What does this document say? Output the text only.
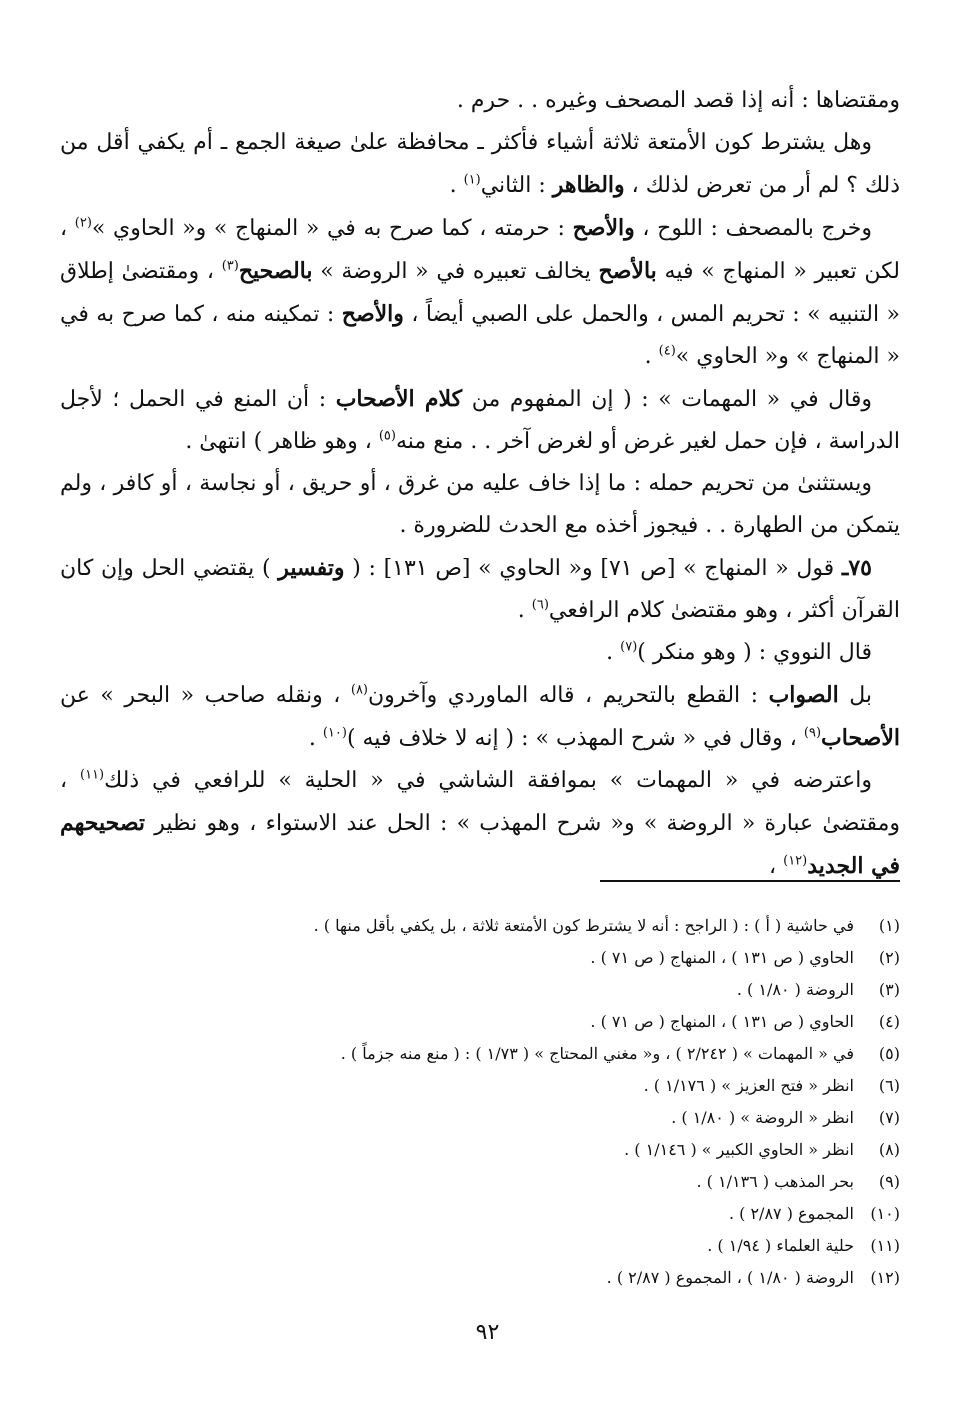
ومقتضاها : أنه إذا قصد المصحف وغيره . . حرم .

وهل يشترط كون الأمتعة ثلاثة أشياء فأكثر ـ محافظة علىٰ صيغة الجمع ـ أم يكفي أقل من ذلك ؟ لم أر من تعرض لذلك ، والظاهر : الثاني$^{(١)}$ .

وخرج بالمصحف : اللوح ، والأصح : حرمته ، كما صرح به في « المنهاج » و« الحاوي »$^{(٢)}$ ، لكن تعبير « المنهاج » فيه بالأصح يخالف تعبيره في « الروضة » بالصحيح$^{(٣)}$ ، ومقتضىٰ إطلاق « التنبيه » : تحريم المس ، والحمل على الصبي أيضاً ، والأصح : تمكينه منه ، كما صرح به في « المنهاج » و« الحاوي »$^{(٤)}$ .

وقال في « المهمات » : ( إن المفهوم من كلام الأصحاب : أن المنع في الحمل ؛ لأجل الدراسة ، فإن حمل لغير غرض أو لغرض آخر . . منع منه$^{(٥)}$ ، وهو ظاهر ) انتهىٰ .

ويستثنىٰ من تحريم حمله : ما إذا خاف عليه من غرق ، أو حريق ، أو نجاسة ، أو كافر ، ولم يتمكن من الطهارة . . فيجوز أخذه مع الحدث للضرورة .

٧٥ـ قول « المنهاج » [ص ٧١] و« الحاوي » [ص ١٣١] : ( وتفسير ) يقتضي الحل وإن كان القرآن أكثر ، وهو مقتضىٰ كلام الرافعي$^{(٦)}$ .

قال النووي : ( وهو منكر )$^{(٧)}$ .

بل الصواب : القطع بالتحريم ، قاله الماوردي وآخرون$^{(٨)}$ ، ونقله صاحب « البحر » عن الأصحاب$^{(٩)}$ ، وقال في « شرح المهذب » : ( إنه لا خلاف فيه )$^{(١٠)}$ .

واعترضه في « المهمات » بموافقة الشاشي في « الحلية » للرافعي في ذلك$^{(١١)}$ ، ومقتضىٰ عبارة « الروضة » و« شرح المهذب » : الحل عند الاستواء ، وهو نظير تصحيحهم في الجديد$^{(١٢)}$ ،

(١)
في حاشية ( أ ) : ( الراجح : أنه لا يشترط كون الأمتعة ثلاثة ، بل يكفي بأقل منها ) .
(٢)
الحاوي ( ص ١٣١ ) ، المنهاج ( ص ٧١ ) .
(٣)
الروضة ( ١/٨٠ ) .
(٤)
الحاوي ( ص ١٣١ ) ، المنهاج ( ص ٧١ ) .
(٥)
في « المهمات » ( ٢/٢٤٢ ) ، و« مغني المحتاج » ( ١/٧٣ ) : ( منع منه جزماً ) .
(٦)
انظر « فتح العزيز » ( ١/١٧٦ ) .
(٧)
انظر « الروضة » ( ١/٨٠ ) .
(٨)
انظر « الحاوي الكبير » ( ١/١٤٦ ) .
(٩)
بحر المذهب ( ١/١٣٦ ) .
(١٠)
المجموع ( ٢/٨٧ ) .
(١١)
حلية العلماء ( ١/٩٤ ) .
(١٢)
الروضة ( ١/٨٠ ) ، المجموع ( ٢/٨٧ ) .
٩٢
